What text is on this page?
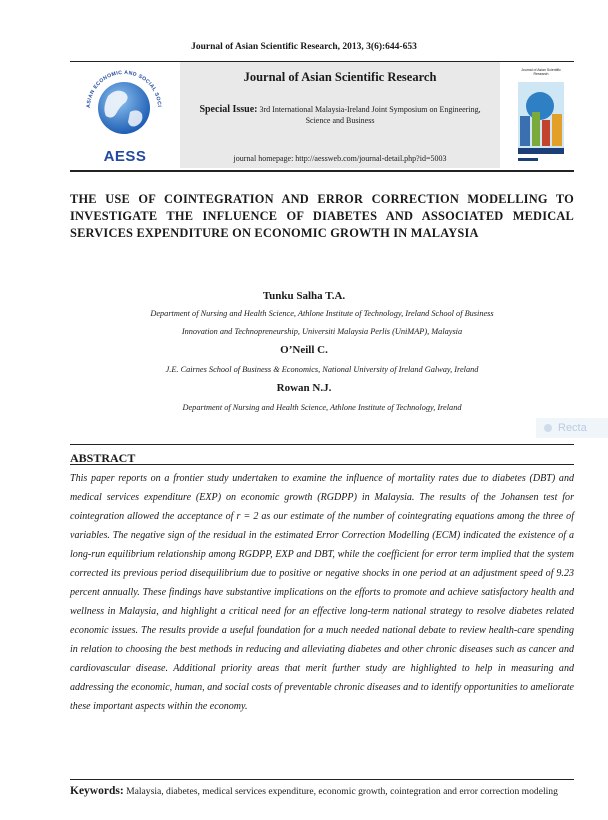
Journal of Asian Scientific Research, 2013, 3(6):644-653
ASIAN ECONOMIC AND SOCIAL SOCI
AESS
Journal of Asian Scientific Research
Special Issue: 3rd International Malaysia-Ireland Joint Symposium on Engineering, Science and Business
journal homepage: http://aessweb.com/journal-detail.php?id=5003
Journal of Asian Scientific Research
THE USE OF COINTEGRATION AND ERROR CORRECTION MODELLING TO INVESTIGATE THE INFLUENCE OF DIABETES AND ASSOCIATED MEDICAL SERVICES EXPENDITURE ON ECONOMIC GROWTH IN MALAYSIA
Tunku Salha T.A.
Department of Nursing and Health Science, Athlone Institute of Technology, Ireland School of Business
Innovation and Technopreneurship, Universiti Malaysia Perlis (UniMAP), Malaysia
O’Neill C.
J.E. Cairnes School of Business & Economics, National University of Ireland Galway, Ireland
Rowan N.J.
Department of Nursing and Health Science, Athlone Institute of Technology, Ireland
Recta
ABSTRACT
This paper reports on a frontier study undertaken to examine the influence of mortality rates due to diabetes (DBT) and medical services expenditure (EXP) on economic growth (RGDPP) in Malaysia. The results of the Johansen test for cointegration allowed the acceptance of r = 2 as our estimate of the number of cointegrating equations among the three of variables. The negative sign of the residual in the estimated Error Correction Modelling (ECM) indicated the existence of a long-run equilibrium relationship among RGDPP, EXP and DBT, while the coefficient for error term implied that the system corrected its previous period disequilibrium due to positive or negative shocks in one period at an adjustment speed of 9.23 percent annually. These findings have substantive implications on the efforts to promote and achieve satisfactory health and wellness in Malaysia, and highlight a critical need for an effective long-term national strategy to resolve diabetes related economic issues. The results provide a useful foundation for a much needed national debate to review health-care spending in relation to choosing the best methods in reducing and alleviating diabetes and other chronic diseases such as cancer and cardiovascular disease. Additional priority areas that merit further study are highlighted to help in measuring and addressing the economic, human, and social costs of preventable chronic diseases and to identify opportunities to ameliorate these important aspects within the economy.
Keywords: Malaysia, diabetes, medical services expenditure, economic growth, cointegration and error correction modeling
